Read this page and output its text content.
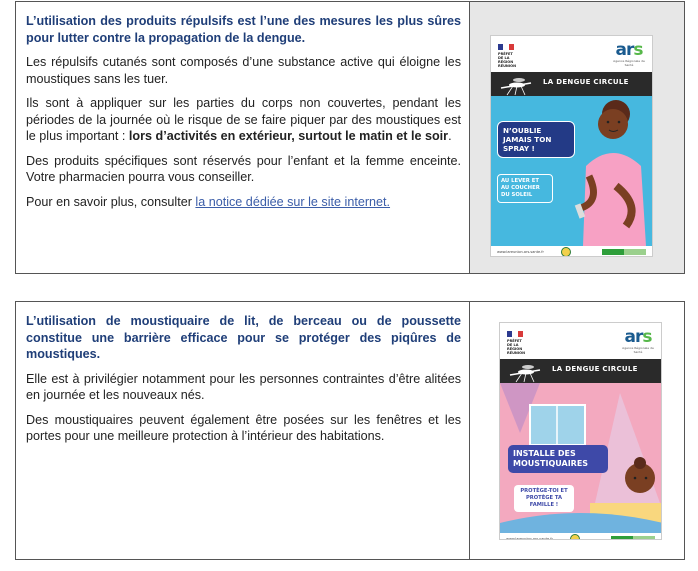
L’utilisation des produits répulsifs est l’une des mesures les plus sûres pour lutter contre la propagation de la dengue.

Les répulsifs cutanés sont composés d’une substance active qui éloigne les moustiques sans les tuer.

Ils sont à appliquer sur les parties du corps non couvertes, pendant les périodes de la journée où le risque de se faire piquer par des moustiques est le plus important : lors d’activités en extérieur, surtout le matin et le soir.

Des produits spécifiques sont réservés pour l’enfant et la femme enceinte. Votre pharmacien pourra vous conseiller.

Pour en savoir plus, consulter la notice dédiée sur le site internet.

PRÉFET
DE LA RÉGION
RÉUNION
ars
Agence Régionale de Santé
LA DENGUE CIRCULE
N’OUBLIE JAMAIS TON SPRAY !
AU LEVER ET AU COUCHER DU SOLEIL
www.lareunion.ars.sante.fr

L’utilisation de moustiquaire de lit, de berceau ou de poussette constitue une barrière efficace pour se protéger des piqûres de moustiques.

Elle est à privilégier notamment pour les personnes contraintes d’être alitées en journée et les nouveaux nés.

Des moustiquaires peuvent également être posées sur les fenêtres et les portes pour une meilleure protection à l’intérieur des habitations.

PRÉFET
DE LA RÉGION
RÉUNION
ars
Agence Régionale de Santé
LA DENGUE CIRCULE
INSTALLE DES MOUSTIQUAIRES
PROTÈGE-TOI ET PROTÈGE TA FAMILLE !
www.lareunion.ars.sante.fr
